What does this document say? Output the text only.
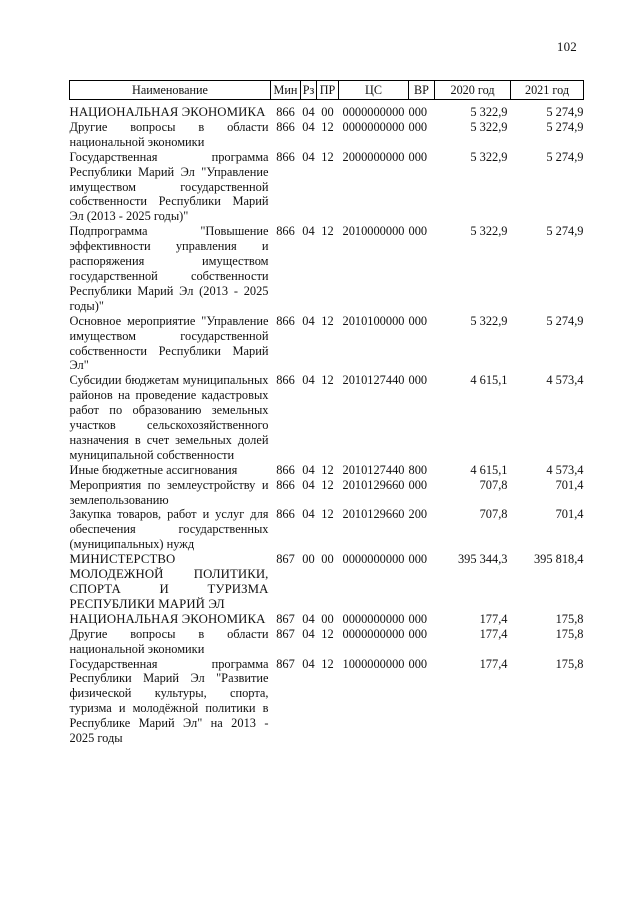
102
Наименование	Мин	Рз	ПР	ЦС	ВР	2020 год	2021 год
НАЦИОНАЛЬНАЯ ЭКОНОМИКА	866	04	00	0000000000	000	5 322,9	5 274,9
Другие вопросы в области национальной экономики	866	04	12	0000000000	000	5 322,9	5 274,9
Государственная программа Республики Марий Эл "Управление имуществом государственной собственности Республики Марий Эл (2013 - 2025 годы)"	866	04	12	2000000000	000	5 322,9	5 274,9
Подпрограмма "Повышение эффективности управления и распоряжения имуществом государственной собственности Республики Марий Эл (2013 - 2025 годы)"	866	04	12	2010000000	000	5 322,9	5 274,9
Основное мероприятие "Управление имуществом государственной собственности Республики Марий Эл"	866	04	12	2010100000	000	5 322,9	5 274,9
Субсидии бюджетам муниципальных районов на проведение кадастровых работ по образованию земельных участков сельскохозяйственного назначения в счет земельных долей муниципальной собственности	866	04	12	2010127440	000	4 615,1	4 573,4
Иные бюджетные ассигнования	866	04	12	2010127440	800	4 615,1	4 573,4
Мероприятия по землеустройству и землепользованию	866	04	12	2010129660	000	707,8	701,4
Закупка товаров, работ и услуг для обеспечения государственных (муниципальных) нужд	866	04	12	2010129660	200	707,8	701,4
МИНИСТЕРСТВО МОЛОДЕЖНОЙ ПОЛИТИКИ, СПОРТА И ТУРИЗМА РЕСПУБЛИКИ МАРИЙ ЭЛ	867	00	00	0000000000	000	395 344,3	395 818,4
НАЦИОНАЛЬНАЯ ЭКОНОМИКА	867	04	00	0000000000	000	177,4	175,8
Другие вопросы в области национальной экономики	867	04	12	0000000000	000	177,4	175,8
Государственная программа Республики Марий Эл "Развитие физической культуры, спорта, туризма и молодёжной политики в Республике Марий Эл" на 2013 - 2025 годы	867	04	12	1000000000	000	177,4	175,8
